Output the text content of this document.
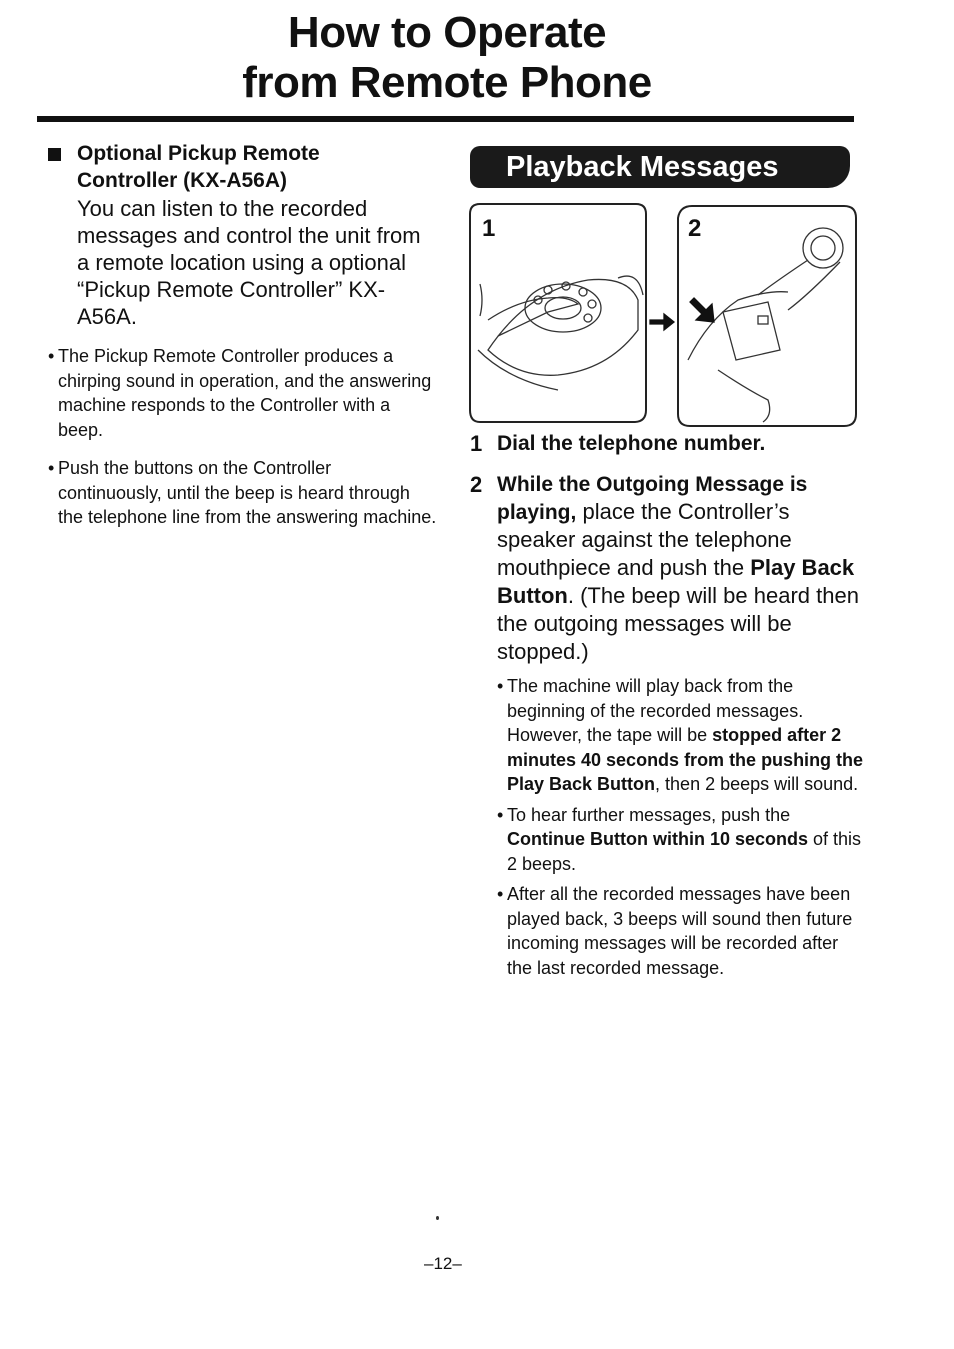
How to Operate
from Remote Phone
Optional Pickup Remote Controller (KX-A56A)
You can listen to the recorded messages and control the unit from a remote location using a optional “Pickup Remote Controller” KX-A56A.
• The Pickup Remote Controller produces a chirping sound in operation, and the answering machine responds to the Controller with a beep.
• Push the buttons on the Controller continuously, until the beep is heard through the telephone line from the answering machine.
Playback Messages
1	2
1 Dial the telephone number.
2 While the Outgoing Message is playing, place the Controller’s speaker against the telephone mouthpiece and push the Play Back Button. (The beep will be heard then the outgoing messages will be stopped.)
• The machine will play back from the beginning of the recorded messages.
However, the tape will be stopped after 2 minutes 40 seconds from the pushing the Play Back Button, then 2 beeps will sound.
• To hear further messages, push the Continue Button within 10 seconds of this 2 beeps.
• After all the recorded messages have been played back, 3 beeps will sound then future incoming messages will be recorded after the last recorded message.
–12–
